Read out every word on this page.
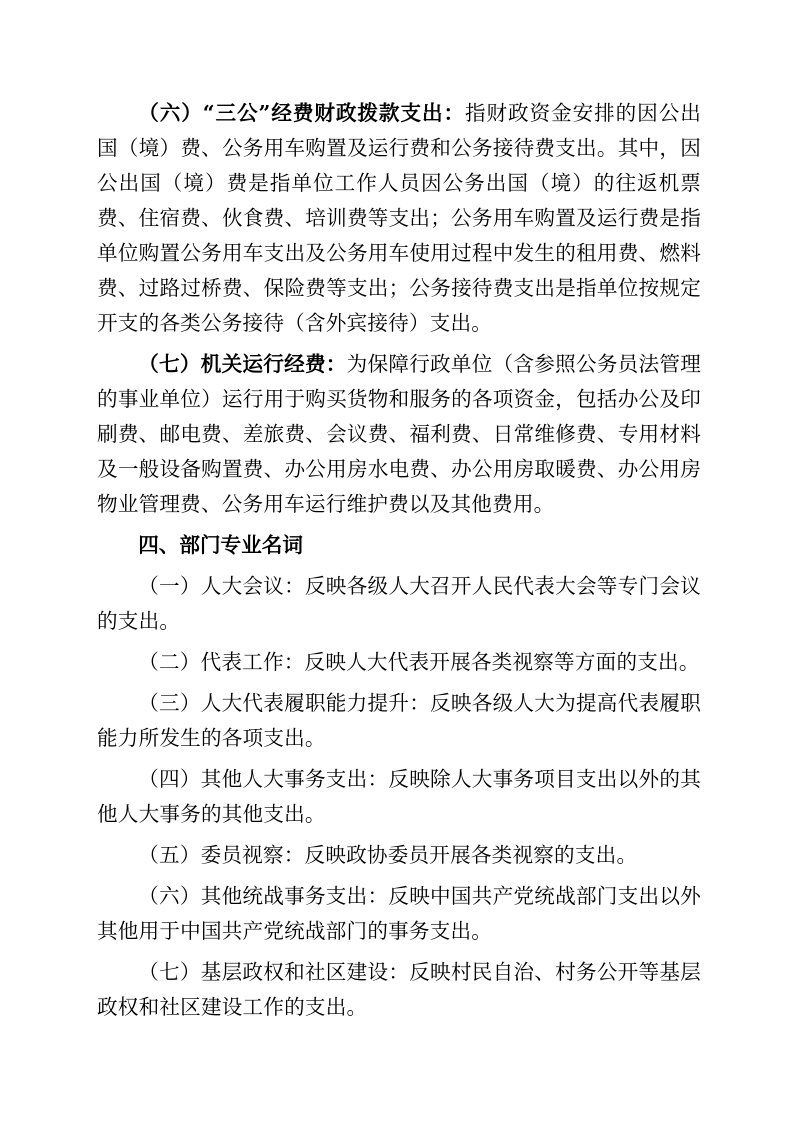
（六）“三公”经费财政拨款支出：指财政资金安排的因公出国（境）费、公务用车购置及运行费和公务接待费支出。其中，因公出国（境）费是指单位工作人员因公务出国（境）的往返机票费、住宿费、伙食费、培训费等支出；公务用车购置及运行费是指单位购置公务用车支出及公务用车使用过程中发生的租用费、燃料费、过路过桥费、保险费等支出；公务接待费支出是指单位按规定开支的各类公务接待（含外宾接待）支出。

（七）机关运行经费：为保障行政单位（含参照公务员法管理的事业单位）运行用于购买货物和服务的各项资金，包括办公及印刷费、邮电费、差旅费、会议费、福利费、日常维修费、专用材料及一般设备购置费、办公用房水电费、办公用房取暖费、办公用房物业管理费、公务用车运行维护费以及其他费用。

四、部门专业名词

（一）人大会议：反映各级人大召开人民代表大会等专门会议的支出。

（二）代表工作：反映人大代表开展各类视察等方面的支出。

（三）人大代表履职能力提升：反映各级人大为提高代表履职能力所发生的各项支出。

（四）其他人大事务支出：反映除人大事务项目支出以外的其他人大事务的其他支出。

（五）委员视察：反映政协委员开展各类视察的支出。

（六）其他统战事务支出：反映中国共产党统战部门支出以外其他用于中国共产党统战部门的事务支出。

（七）基层政权和社区建设：反映村民自治、村务公开等基层政权和社区建设工作的支出。
